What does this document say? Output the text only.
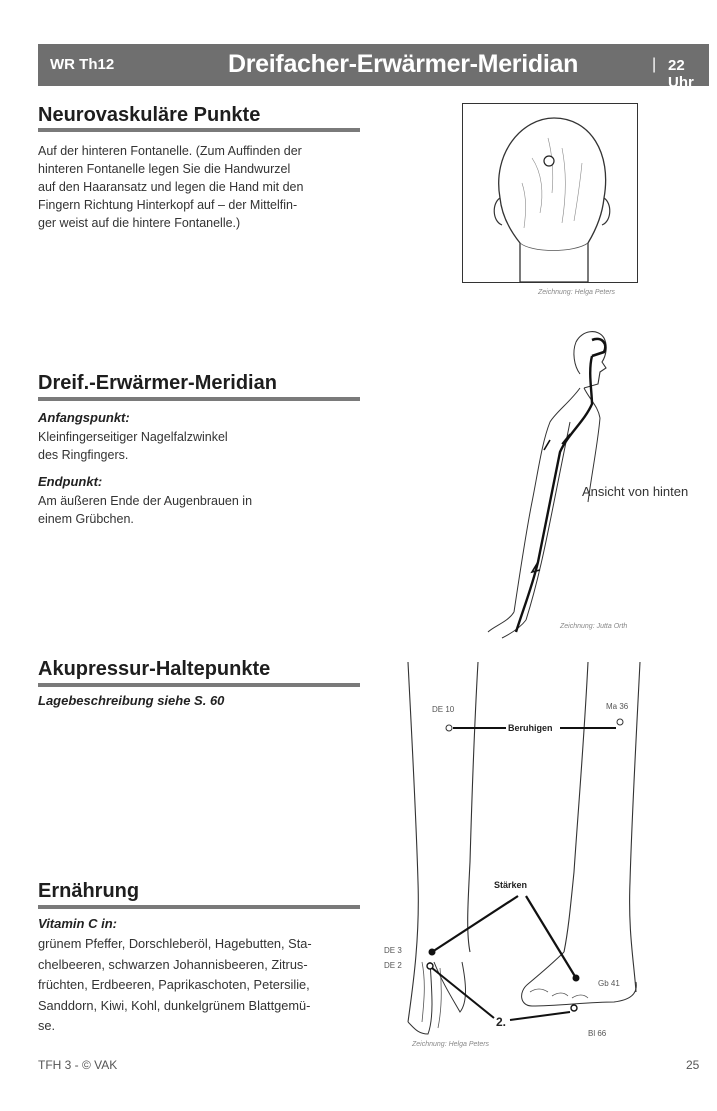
WR Th12	Dreifacher-Erwärmer-Meridian	| 22 Uhr
Neurovaskuläre Punkte
Auf der hinteren Fontanelle. (Zum Auffinden der
hinteren Fontanelle legen Sie die Handwurzel
auf den Haaransatz und legen die Hand mit den
Fingern Richtung Hinterkopf auf – der Mittelfin-
ger weist auf die hintere Fontanelle.)
Zeichnung: Helga Peters
Dreif.-Erwärmer-Meridian
Anfangspunkt:
Kleinfingerseitiger Nagelfalzwinkel
des Ringfingers.
Endpunkt:
Am äußeren Ende der Augenbrauen in
einem Grübchen.
Ansicht von hinten
Zeichnung: Jutta Orth
Akupressur-Haltepunkte
Lagebeschreibung siehe S. 60
DE 10	Ma 36
Beruhigen
Stärken
DE 3
DE 2
Gb 41
Bl 66
2.
Zeichnung: Helga Peters
Ernährung
Vitamin C in:
grünem Pfeffer, Dorschleberöl, Hagebutten, Sta-
chelbeeren, schwarzen Johannisbeeren, Zitrus-
früchten, Erdbeeren, Paprikaschoten, Petersilie,
Sanddorn, Kiwi, Kohl, dunkelgrünem Blattgemü-
se.
TFH 3 - © VAK	25
